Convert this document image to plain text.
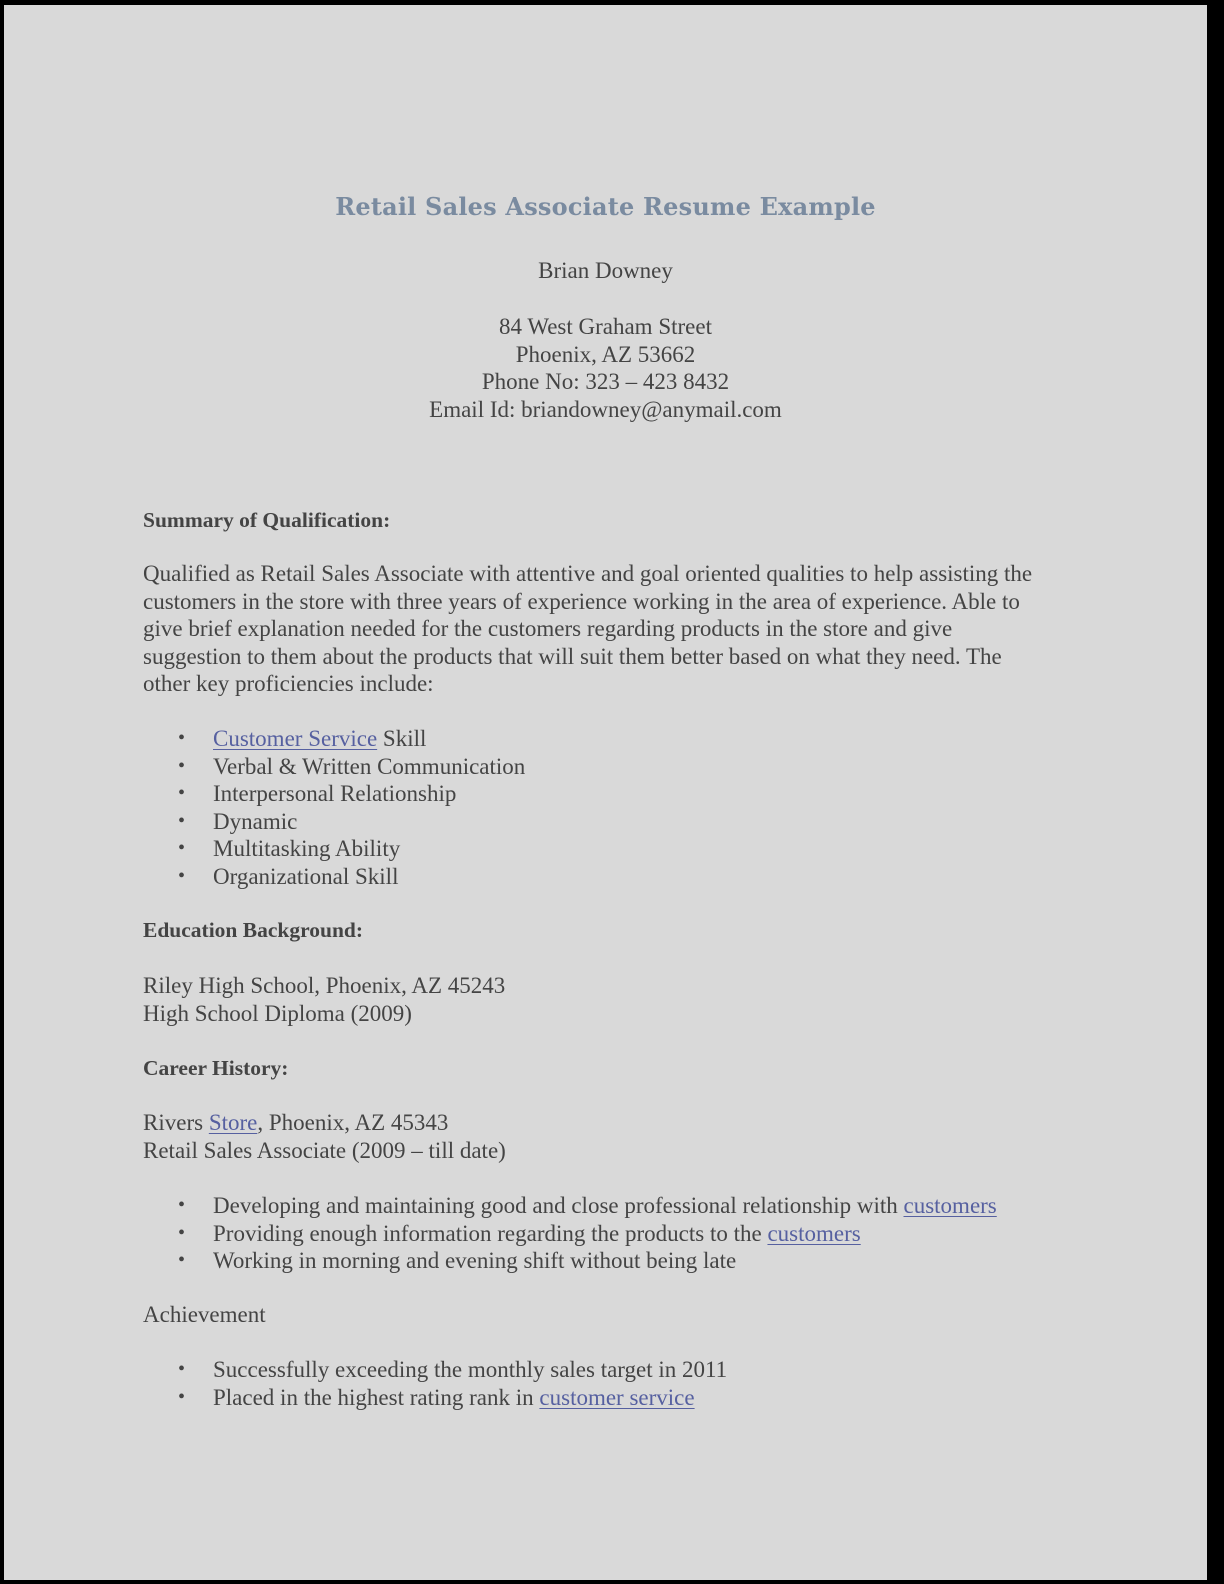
Retail Sales Associate Resume Example
Brian Downey
84 West Graham Street
Phoenix, AZ 53662
Phone No: 323 – 423 8432
Email Id: briandowney@anymail.com
Summary of Qualification:
Qualified as Retail Sales Associate with attentive and goal oriented qualities to help assisting the
customers in the store with three years of experience working in the area of experience. Able to
give brief explanation needed for the customers regarding products in the store and give
suggestion to them about the products that will suit them better based on what they need. The
other key proficiencies include:
• Customer Service Skill
• Verbal & Written Communication
• Interpersonal Relationship
• Dynamic
• Multitasking Ability
• Organizational Skill
Education Background:
Riley High School, Phoenix, AZ 45243
High School Diploma (2009)
Career History:
Rivers Store, Phoenix, AZ 45343
Retail Sales Associate (2009 – till date)
• Developing and maintaining good and close professional relationship with customers
• Providing enough information regarding the products to the customers
• Working in morning and evening shift without being late
Achievement
• Successfully exceeding the monthly sales target in 2011
• Placed in the highest rating rank in customer service
